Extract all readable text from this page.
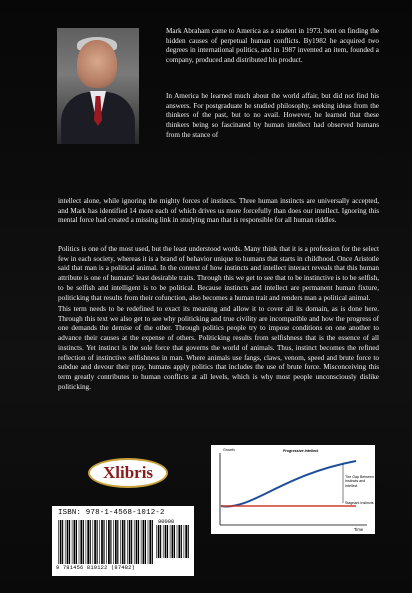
Mark Abraham came to America as a student in 1973, bent on finding the hidden causes of perpetual human conflicts. By1982 he acquired two degrees in international politics, and in 1987 invented an item, founded a company, produced and distributed his product.

In America he learned much about the world affair, but did not find his answers. For postgraduate he studied philosophy, seeking ideas from the thinkers of the past, but to no avail. However, he learned that these thinkers being so fascinated by human intellect had observed humans from the stance of

intellect alone, while ignoring the mighty forces of instincts. Three human instincts are universally accepted, and Mark has identified 14 more each of which drives us more forcefully than does our intellect. Ignoring this mental force had created a missing link in studying man that is responsible for all human riddles.

Politics is one of the most used, but the least understood words. Many think that it is a profession for the select few in each society, whereas it is a brand of behavior unique to humans that starts in childhood. Once Aristotle said that man is a political animal. In the context of how instincts and intellect interact reveals that this human attribute is one of humans' least desirable traits. Through this we get to see that to be instinctive is to be selfish, to be selfish and intelligent is to be political. Because instincts and intellect are permanent human fixture, politicking that results from their cofunction, also becomes a human trait and renders man a political animal.

This term needs to be redefined to exact its meaning and allow it to cover all its domain, as is done here. Through this text we also get to see why politicking and true civility are incompatible and how the progress of one demands the demise of the other. Through politics people try to impose conditions on one another to advance their causes at the expense of others. Politicking results from selfishness that is the essence of all instincts. Yet instinct is the sole force that governs the world of animals. Thus, instinct becomes the refined reflection of instinctive selfishness in man. Where animals use fangs, claws, venom, speed and brute force to subdue and devour their pray, humans apply politics that includes the use of brute force. Misconceiving this term greatly contributes to human conflicts at all levels, which is why most people unconsciously dislike politicking.

Xlibris
ISBN: 978-1-4568-1012-2
90000
9 781456 810122 (87482)

Growth	Progressive Intellect

The Gap Between Instincts and Intellect

Stagnant Instincts

Time
